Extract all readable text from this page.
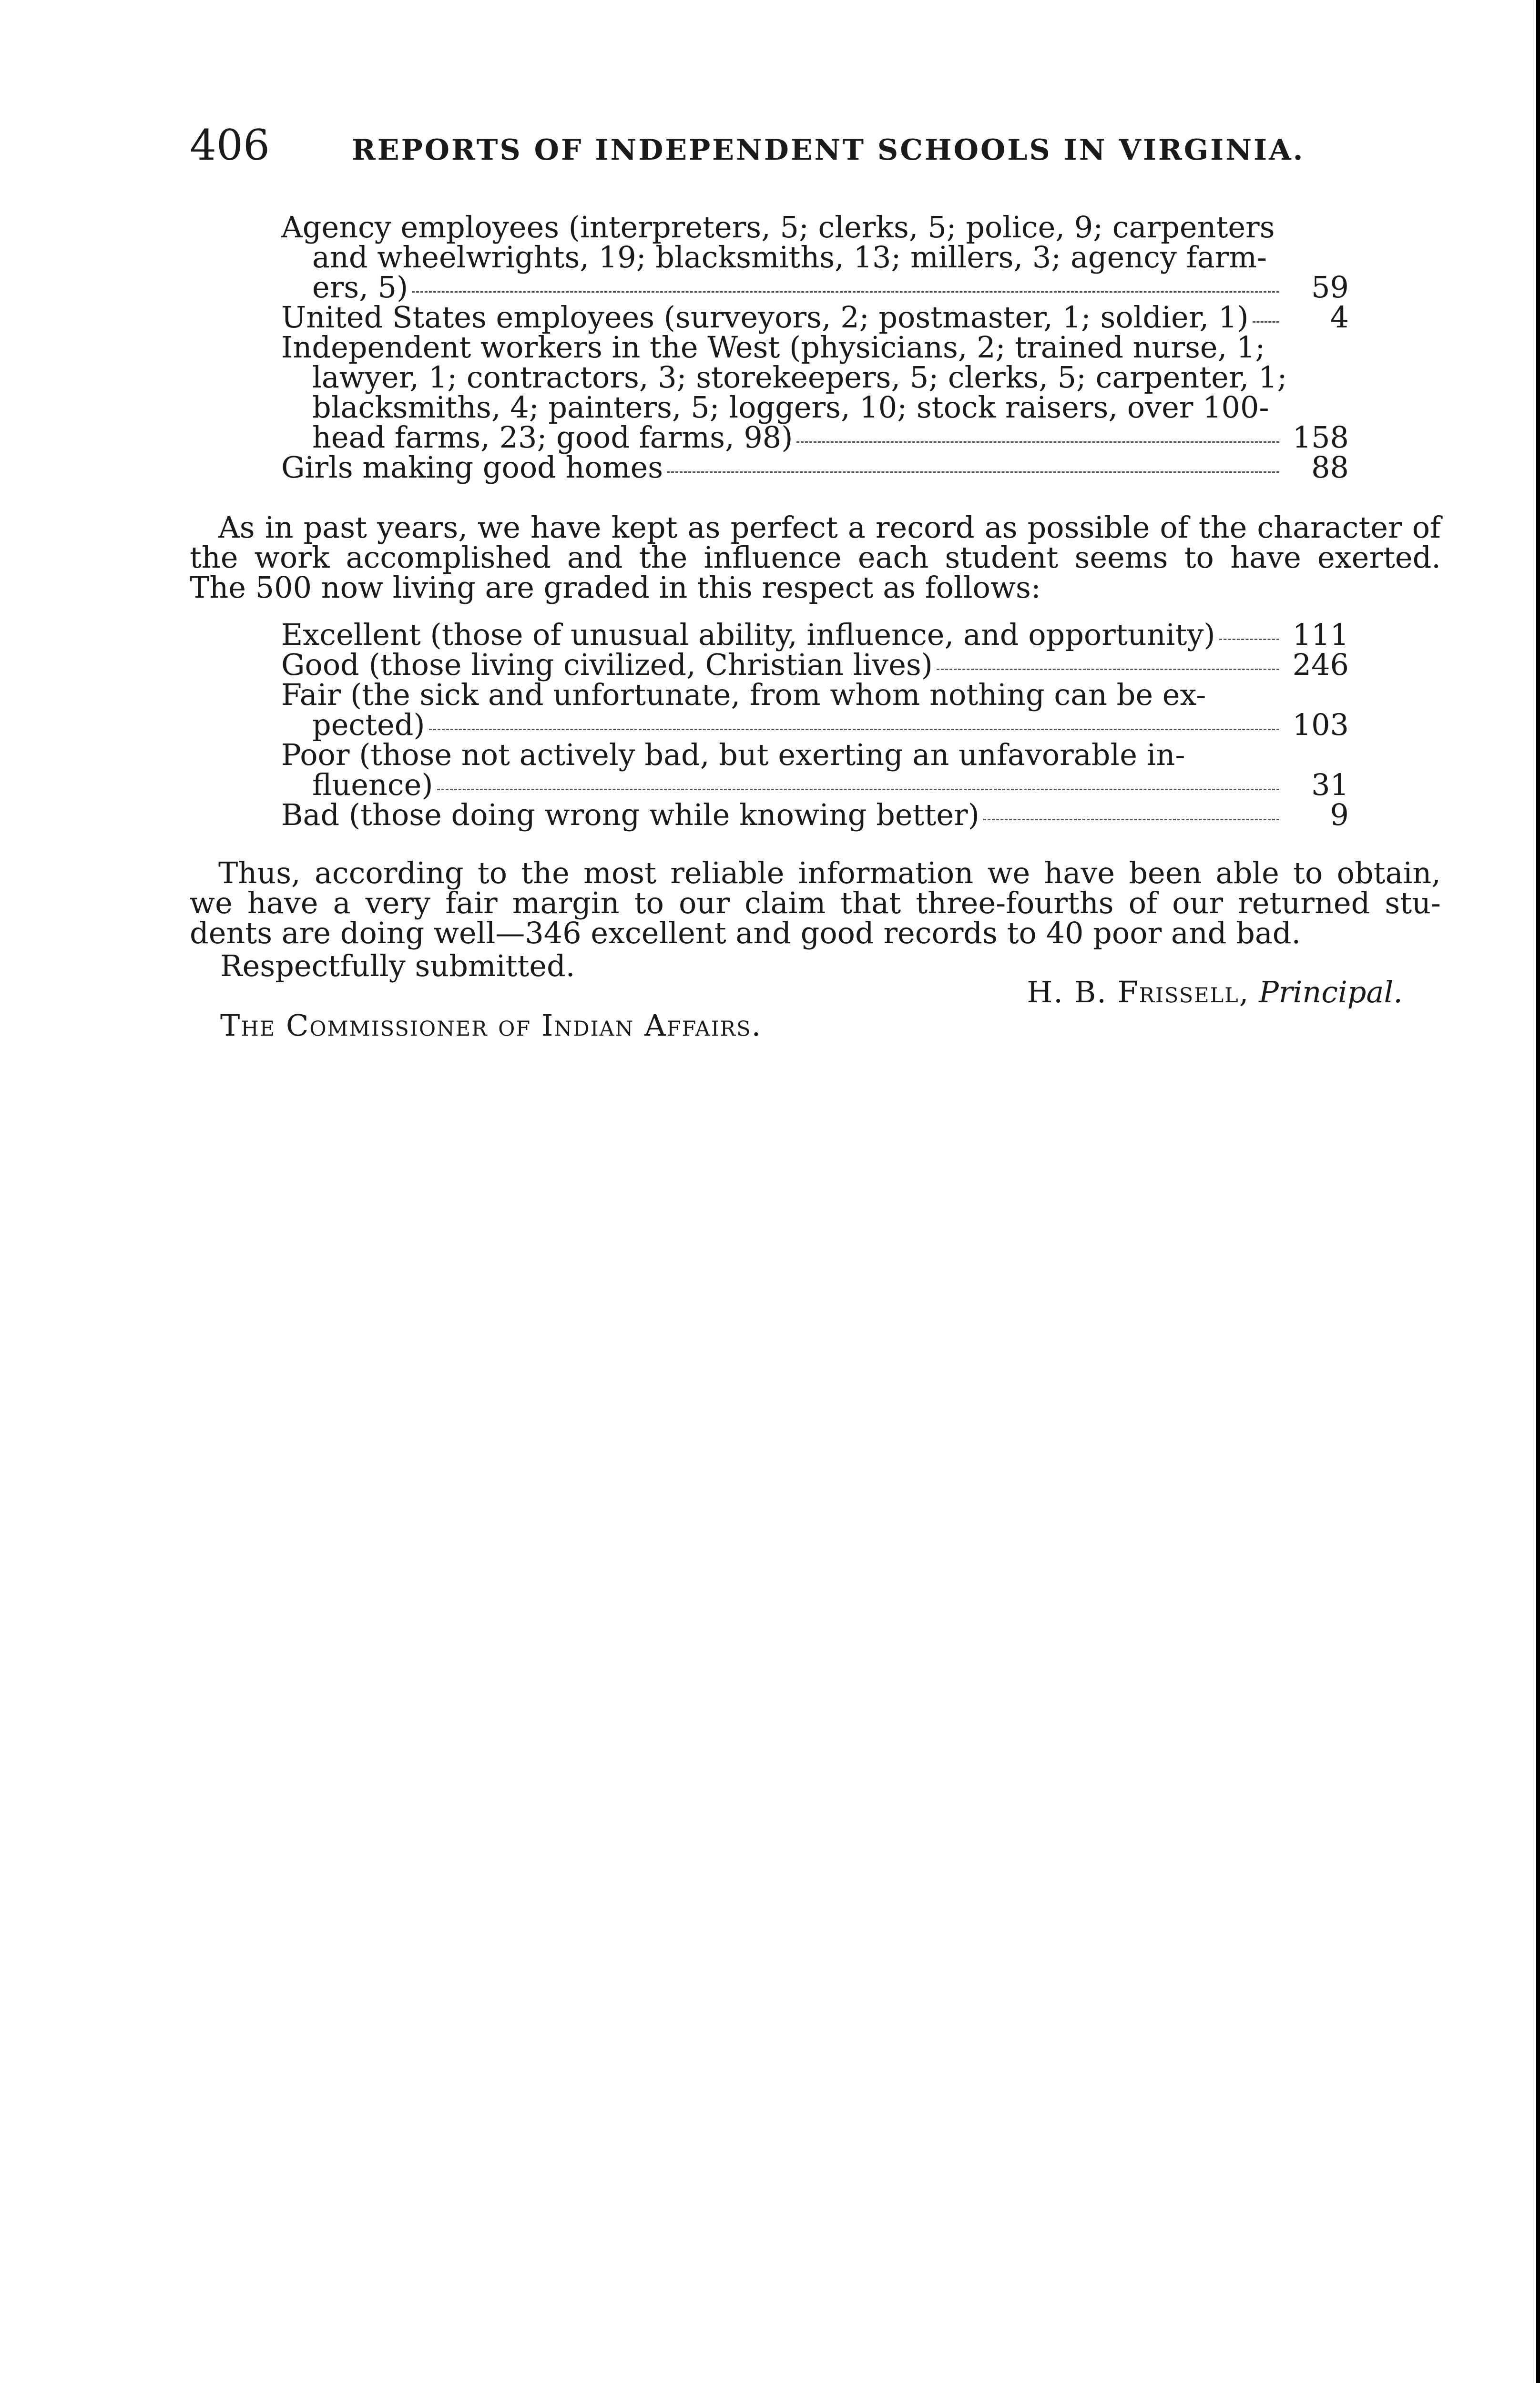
406	REPORTS OF INDEPENDENT SCHOOLS IN VIRGINIA.
Agency employees (interpreters, 5; clerks, 5; police, 9; carpenters
and wheelwrights, 19; blacksmiths, 13; millers, 3; agency farm-
ers, 5)	59
United States employees (surveyors, 2; postmaster, 1; soldier, 1)	4
Independent workers in the West (physicians, 2; trained nurse, 1;
lawyer, 1; contractors, 3; storekeepers, 5; clerks, 5; carpenter, 1;
blacksmiths, 4; painters, 5; loggers, 10; stock raisers, over 100-
head farms, 23; good farms, 98)	158
Girls making good homes	88
As in past years, we have kept as perfect a record as possible of the character of
the work accomplished and the influence each student seems to have exerted.
The 500 now living are graded in this respect as follows:
Excellent (those of unusual ability, influence, and opportunity)	111
Good (those living civilized, Christian lives)	246
Fair (the sick and unfortunate, from whom nothing can be ex-
pected)	103
Poor (those not actively bad, but exerting an unfavorable in-
fluence)	31
Bad (those doing wrong while knowing better)	9
Thus, according to the most reliable information we have been able to obtain,
we have a very fair margin to our claim that three-fourths of our returned stu-
dents are doing well—346 excellent and good records to 40 poor and bad.
Respectfully submitted.
H. B. Frissell, Principal.
The Commissioner of Indian Affairs.
